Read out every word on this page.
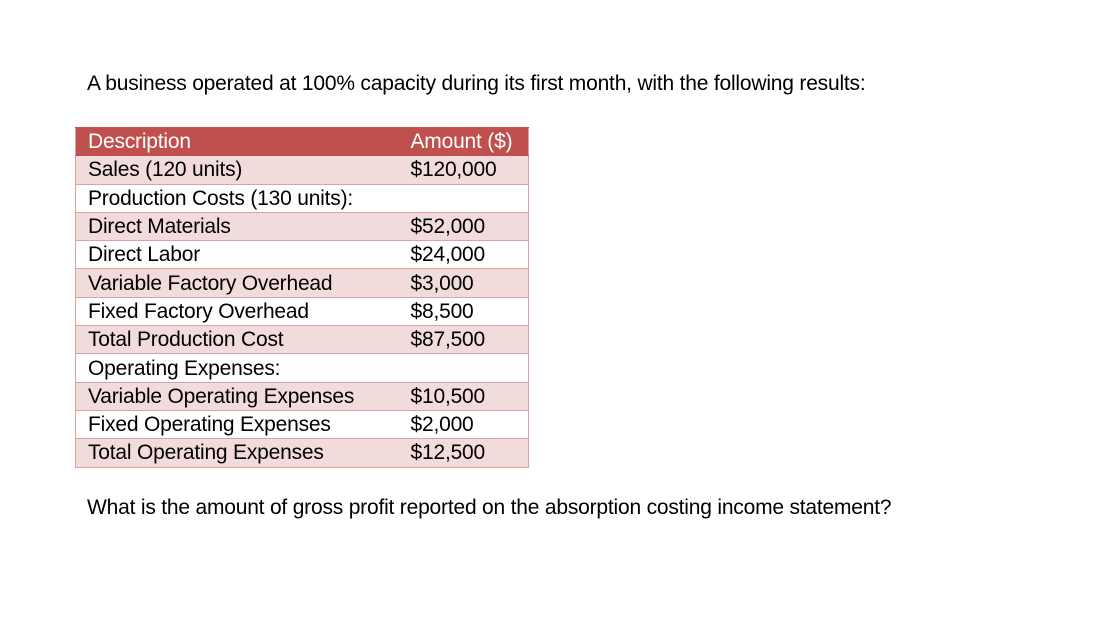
A business operated at 100% capacity during its first month, with the following results:
Description	Amount ($)
Sales (120 units)	$120,000
Production Costs (130 units):	
Direct Materials	$52,000
Direct Labor	$24,000
Variable Factory Overhead	$3,000
Fixed Factory Overhead	$8,500
Total Production Cost	$87,500
Operating Expenses:	
Variable Operating Expenses	$10,500
Fixed Operating Expenses	$2,000
Total Operating Expenses	$12,500
What is the amount of gross profit reported on the absorption costing income statement?
